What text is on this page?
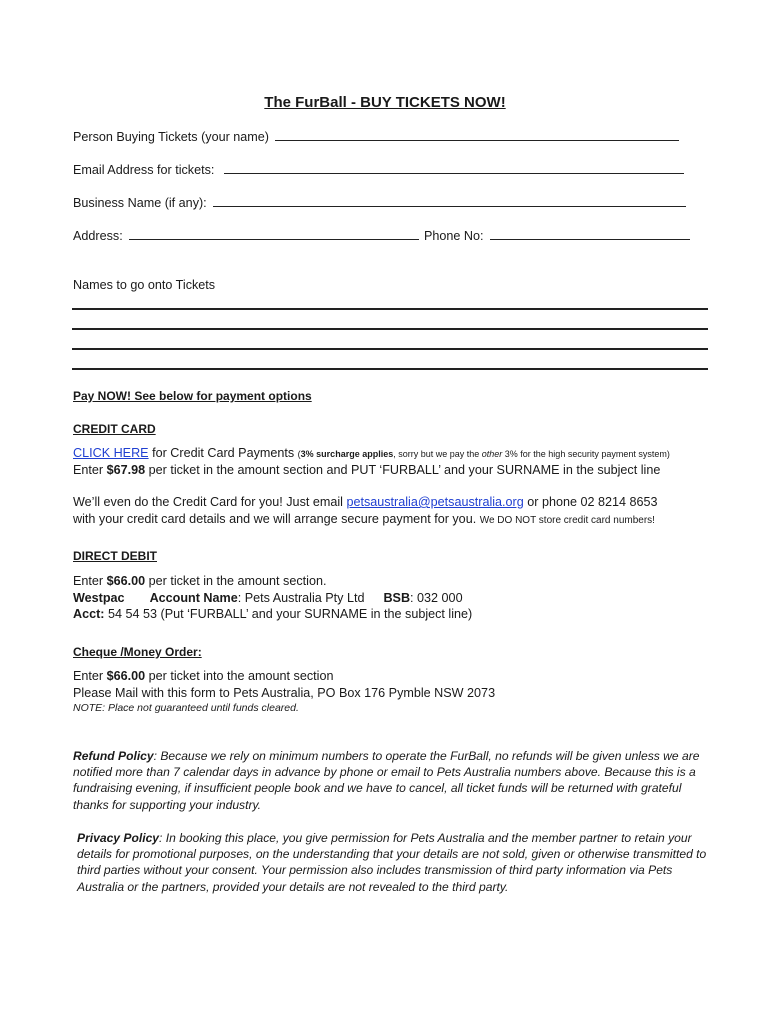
The FurBall - BUY TICKETS NOW!
Person Buying Tickets (your name)
Email Address for tickets:
Business Name (if any):
Address:	Phone No:
Names to go onto Tickets
Pay NOW! See below for payment options
CREDIT CARD
CLICK HERE for Credit Card Payments (3% surcharge applies, sorry but we pay the other 3% for the high security payment system)
Enter $67.98 per ticket in the amount section and PUT ‘FURBALL’ and your SURNAME in the subject line
We’ll even do the Credit Card for you! Just email petsaustralia@petsaustralia.org or phone 02 8214 8653
with your credit card details and we will arrange secure payment for you. We DO NOT store credit card numbers!
DIRECT DEBIT
Enter $66.00 per ticket in the amount section.
Westpac Account Name: Pets Australia Pty Ltd BSB: 032 000
Acct: 54 54 53 (Put ‘FURBALL’ and your SURNAME in the subject line)
Cheque /Money Order:
Enter $66.00 per ticket into the amount section
Please Mail with this form to Pets Australia, PO Box 176 Pymble NSW 2073
NOTE: Place not guaranteed until funds cleared.
Refund Policy: Because we rely on minimum numbers to operate the FurBall, no refunds will be given unless we are notified more than 7 calendar days in advance by phone or email to Pets Australia numbers above. Because this is a fundraising evening, if insufficient people book and we have to cancel, all ticket funds will be returned with grateful thanks for supporting your industry.
Privacy Policy: In booking this place, you give permission for Pets Australia and the member partner to retain your details for promotional purposes, on the understanding that your details are not sold, given or otherwise transmitted to third parties without your consent. Your permission also includes transmission of third party information via Pets Australia or the partners, provided your details are not revealed to the third party.
